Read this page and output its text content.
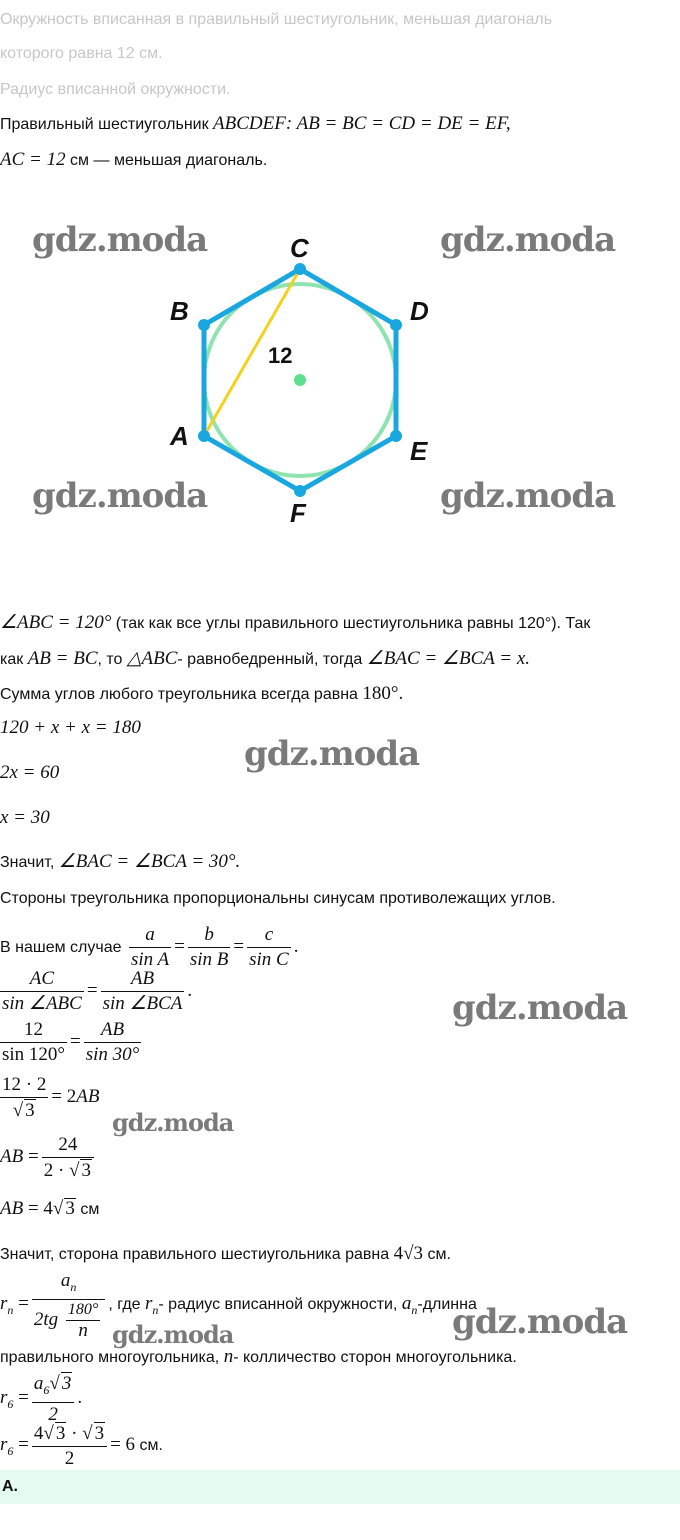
Окружность вписанная в правильный шестиугольник, меньшая диагональ
которого равна 12 см.
Радиус вписанной окружности.
Правильный шестиугольник ABCDEF: AB = BC = CD = DE = EF,
AC = 12 см — меньшая диагональ.
gdz.moda	gdz.moda
gdz.moda	gdz.moda
gdz.moda
gdz.moda
gdz.moda
gdz.moda
gdz.moda
A
B
C
D
E
F
12
∠ABC = 120° (так как все углы правильного шестиугольника равны 120°). Так
как AB = BC, то △ABC- равнобедренный, тогда ∠BAC = ∠BCA = x.
Сумма углов любого треугольника всегда равна 180°.
120 + x + x = 180
2x = 60
x = 30
Значит, ∠BAC = ∠BCA = 30°.
Стороны треугольника пропорциональны синусам противолежащих углов.
В нашем случае $\frac{a}{\text{sin A}} = \frac{b}{\text{sin B}} = \frac{c}{\text{sin C}}$ .
$\frac{AC}{\text{sin ∠ABC}} = \frac{AB}{\text{sin ∠BCA}}$ .
$\frac{12}{\sin 120^\circ} = \frac{AB}{\sin 30^\circ}$
$\frac{12 \cdot 2}{√ 3} = 2AB$
AB = $\frac{24}{2 \cdot √ 3}$
AB = 4√ 3 см
Значит, сторона правильного шестиугольника равна 4√3 см.
$r_n = \frac{a_n}{2tg \frac{180^\circ}{n}}$ , где $r_n-$ радиус вписанной окружности, $a_n$-длинна
правильного многоугольника, n- колличество сторон многоугольника.
$r_6 = \frac{a_6√ 3}{2}$ .
$r_6 = \frac{4√ 3 \cdot √ 3}{2} = 6$ см.
А.
